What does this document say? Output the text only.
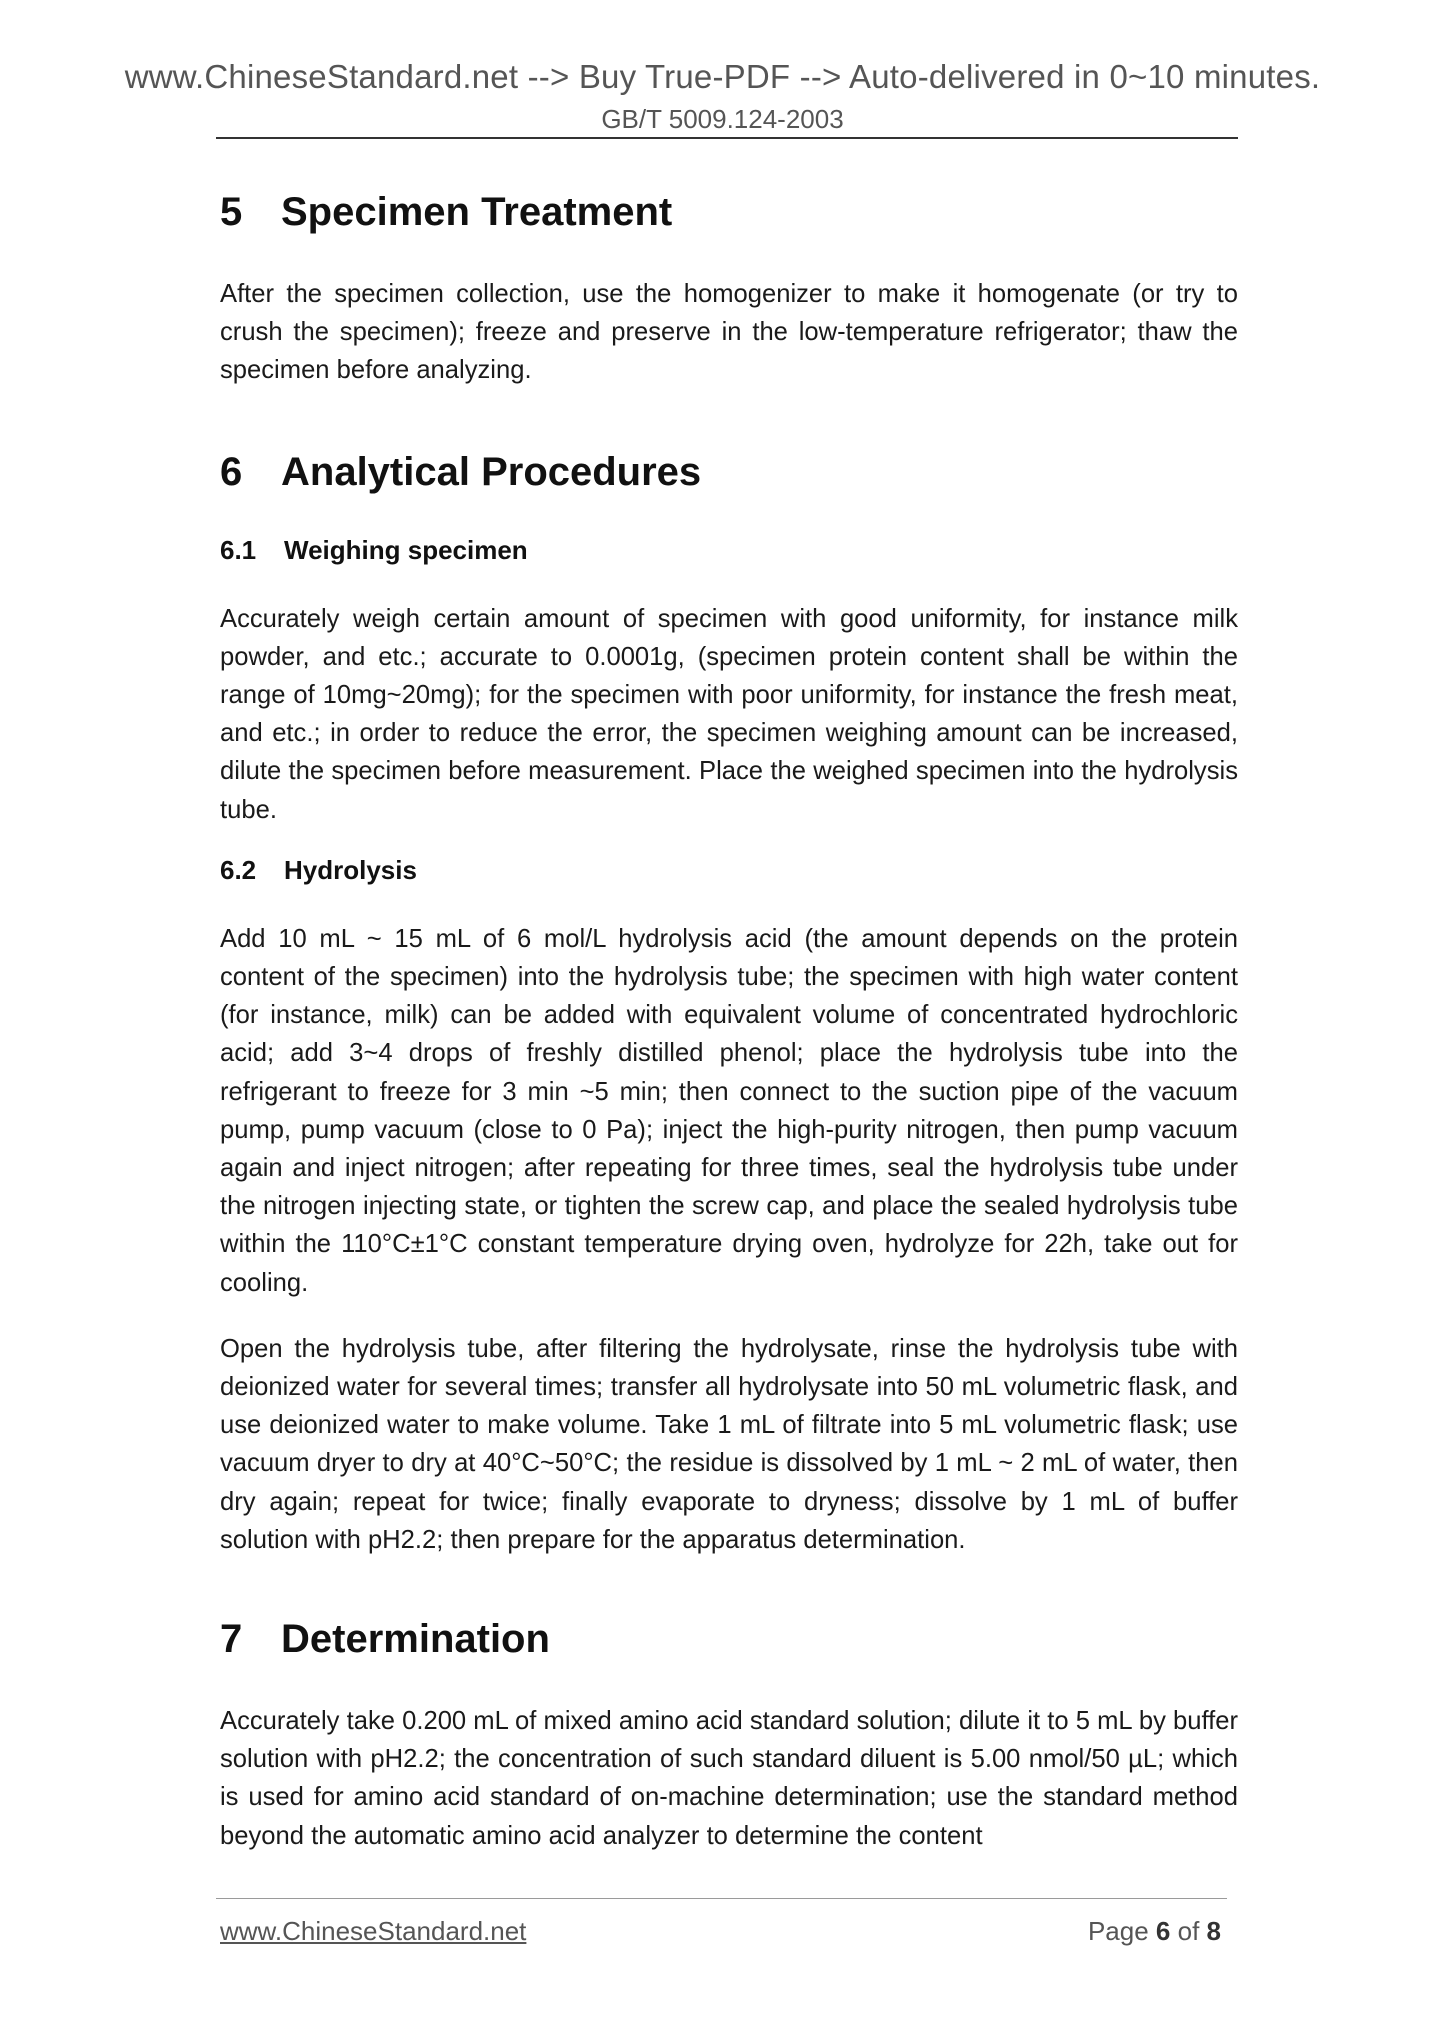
www.ChineseStandard.net --> Buy True-PDF --> Auto-delivered in 0~10 minutes.
GB/T 5009.124-2003
5 Specimen Treatment

After the specimen collection, use the homogenizer to make it homogenate (or try to crush the specimen); freeze and preserve in the low-temperature refrigerator; thaw the specimen before analyzing.

6 Analytical Procedures
6.1	Weighing specimen

Accurately weigh certain amount of specimen with good uniformity, for instance milk powder, and etc.; accurate to 0.0001g, (specimen protein content shall be within the range of 10mg~20mg); for the specimen with poor uniformity, for instance the fresh meat, and etc.; in order to reduce the error, the specimen weighing amount can be increased, dilute the specimen before measurement. Place the weighed specimen into the hydrolysis tube.

6.2	Hydrolysis

Add 10 mL ~ 15 mL of 6 mol/L hydrolysis acid (the amount depends on the protein content of the specimen) into the hydrolysis tube; the specimen with high water content (for instance, milk) can be added with equivalent volume of concentrated hydrochloric acid; add 3~4 drops of freshly distilled phenol; place the hydrolysis tube into the refrigerant to freeze for 3 min ~5 min; then connect to the suction pipe of the vacuum pump, pump vacuum (close to 0 Pa); inject the high-purity nitrogen, then pump vacuum again and inject nitrogen; after repeating for three times, seal the hydrolysis tube under the nitrogen injecting state, or tighten the screw cap, and place the sealed hydrolysis tube within the 110°C±1°C constant temperature drying oven, hydrolyze for 22h, take out for cooling.

Open the hydrolysis tube, after filtering the hydrolysate, rinse the hydrolysis tube with deionized water for several times; transfer all hydrolysate into 50 mL volumetric flask, and use deionized water to make volume. Take 1 mL of filtrate into 5 mL volumetric flask; use vacuum dryer to dry at 40°C~50°C; the residue is dissolved by 1 mL ~ 2 mL of water, then dry again; repeat for twice; finally evaporate to dryness; dissolve by 1 mL of buffer solution with pH2.2; then prepare for the apparatus determination.

7 Determination

Accurately take 0.200 mL of mixed amino acid standard solution; dilute it to 5 mL by buffer solution with pH2.2; the concentration of such standard diluent is 5.00 nmol/50 µL; which is used for amino acid standard of on-machine determination; use the standard method beyond the automatic amino acid analyzer to determine the content

www.ChineseStandard.net	Page 6 of 8
